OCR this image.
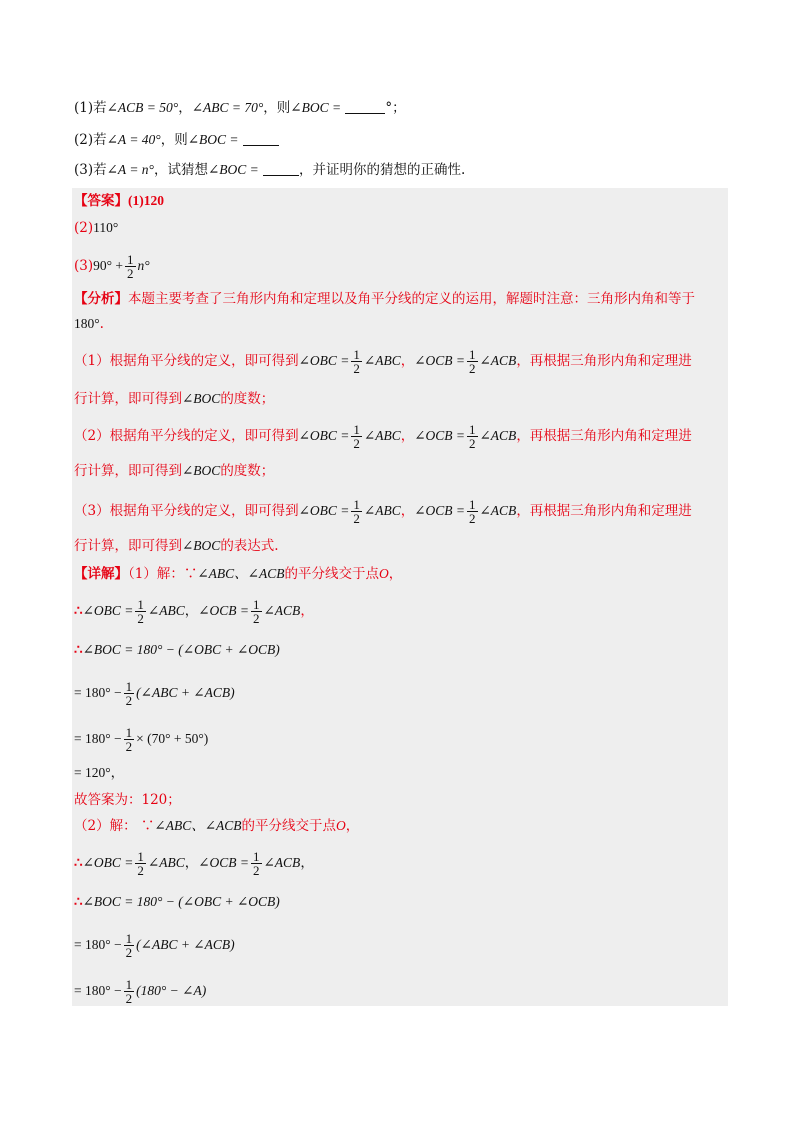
(1)若∠ACB = 50°，∠ABC = 70°，则∠BOC =	°；
(2)若∠A = 40°，则∠BOC =
(3)若∠A = n°，试猜想∠BOC =	，并证明你的猜想的正确性.
【答案】(1)120
(2)110°
$(3)90^\circ + \frac{1}{2} n^\circ$
【分析】本题主要考查了三角形内角和定理以及角平分线的定义的运用，解题时注意：三角形内角和等于
180°.
（1）根据角平分线的定义，即可得到∠OBC = $\frac{1}{2}$ ∠ABC，∠OCB = $\frac{1}{2}$ ∠ACB，再根据三角形内角和定理进
行计算，即可得到∠BOC的度数；
（2）根据角平分线的定义，即可得到∠OBC = $\frac{1}{2}$ ∠ABC，∠OCB = $\frac{1}{2}$ ∠ACB，再根据三角形内角和定理进
行计算，即可得到∠BOC的度数；
（3）根据角平分线的定义，即可得到∠OBC = $\frac{1}{2}$ ∠ABC，∠OCB = $\frac{1}{2}$ ∠ACB，再根据三角形内角和定理进
行计算，即可得到∠BOC的表达式.
【详解】（1）解：∵∠ABC、∠ACB的平分线交于点O，
∴∠OBC = $\frac{1}{2}$ ∠ABC，∠OCB = $\frac{1}{2}$ ∠ACB，
∴∠BOC = 180° − (∠OBC + ∠OCB)
= $180^\circ - \frac{1}{2}$ (∠ABC + ∠ACB)
= $180^\circ - \frac{1}{2} \times (70^\circ + 50^\circ)$
= 120°，
故答案为：120；
（2）解： ∵∠ABC、∠ACB的平分线交于点O，
∴∠OBC = $\frac{1}{2}$ ∠ABC，∠OCB = $\frac{1}{2}$ ∠ACB，
∴∠BOC = 180° − (∠OBC + ∠OCB)
= $180^\circ - \frac{1}{2}$ (∠ABC + ∠ACB)
= $180^\circ - \frac{1}{2} (180^\circ$ − ∠A)
